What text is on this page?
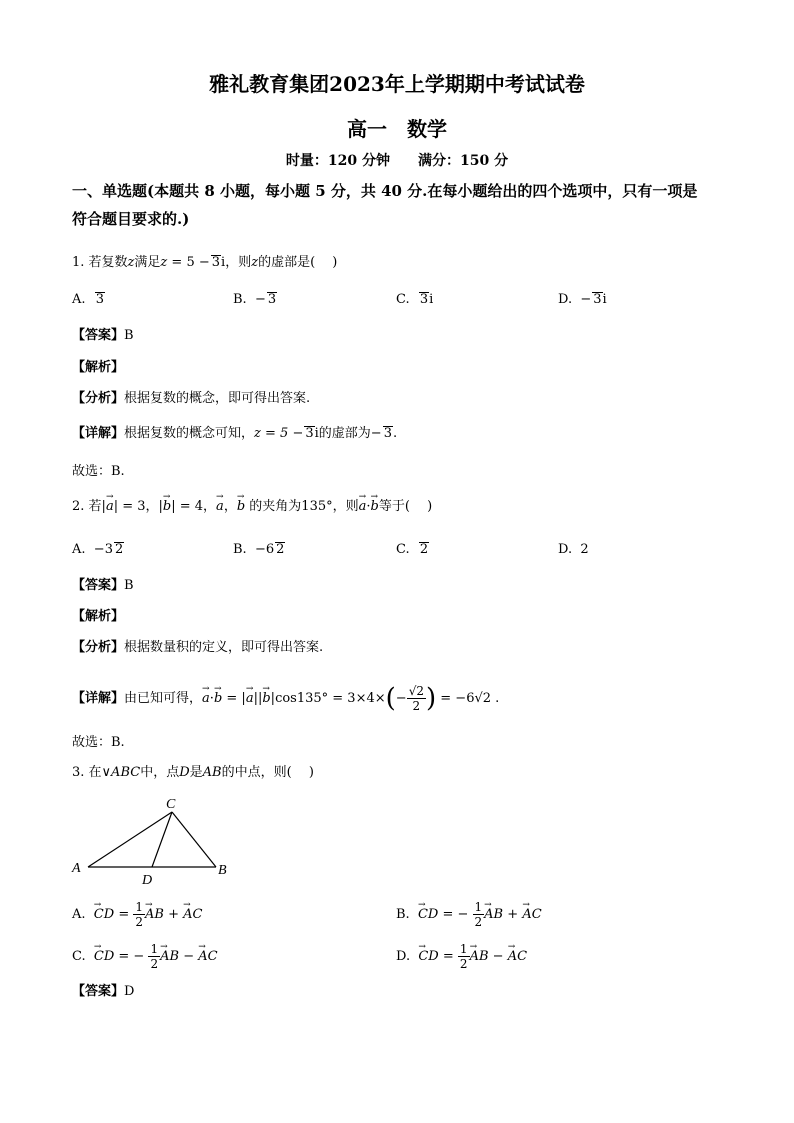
雅礼教育集团2023年上学期期中考试试卷
高一　数学
时量：120 分钟　　满分：150 分
一、单选题(本题共 8 小题，每小题 5 分，共 40 分.在每小题给出的四个选项中，只有一项是
符合题目要求的.)
1. 若复数z满足z = 5 − 3i，则z的虚部是(　 )
A. 3	B. − 3	C. 3i	D. − 3i
【答案】B
【解析】
【分析】根据复数的概念，即可得出答案.
【详解】根据复数的概念可知，z = 5 − 3i的虚部为− 3.
故选：B.
2. 若|→ a| = 3，|→ b| = 4，→ a，→ b 的夹角为135°，则→ a·→ b等于(　 )
A. −3 2	B. −6 2	C. 2	D. 2
【答案】B
【解析】
【分析】根据数量积的定义，即可得出答案.
【详解】由已知可得，→ a·→ b = |→ $a||\to b|\cos 135^\circ = 3\times 4\times(- \frac{√2}{2}$ ) = −6√2 .
故选：B.
3. 在∨ABC中，点D是AB的中点，则(　 )
C
A	B
D
A. → CD = $\frac{1}{2}$ → AB + → AC	B. → CD = − $\frac{1}{2}$ → AB + → AC
C. → CD = − $\frac{1}{2}$ → AB − → AC	D. → CD = $\frac{1}{2}$ → AB − → AC
【答案】D
